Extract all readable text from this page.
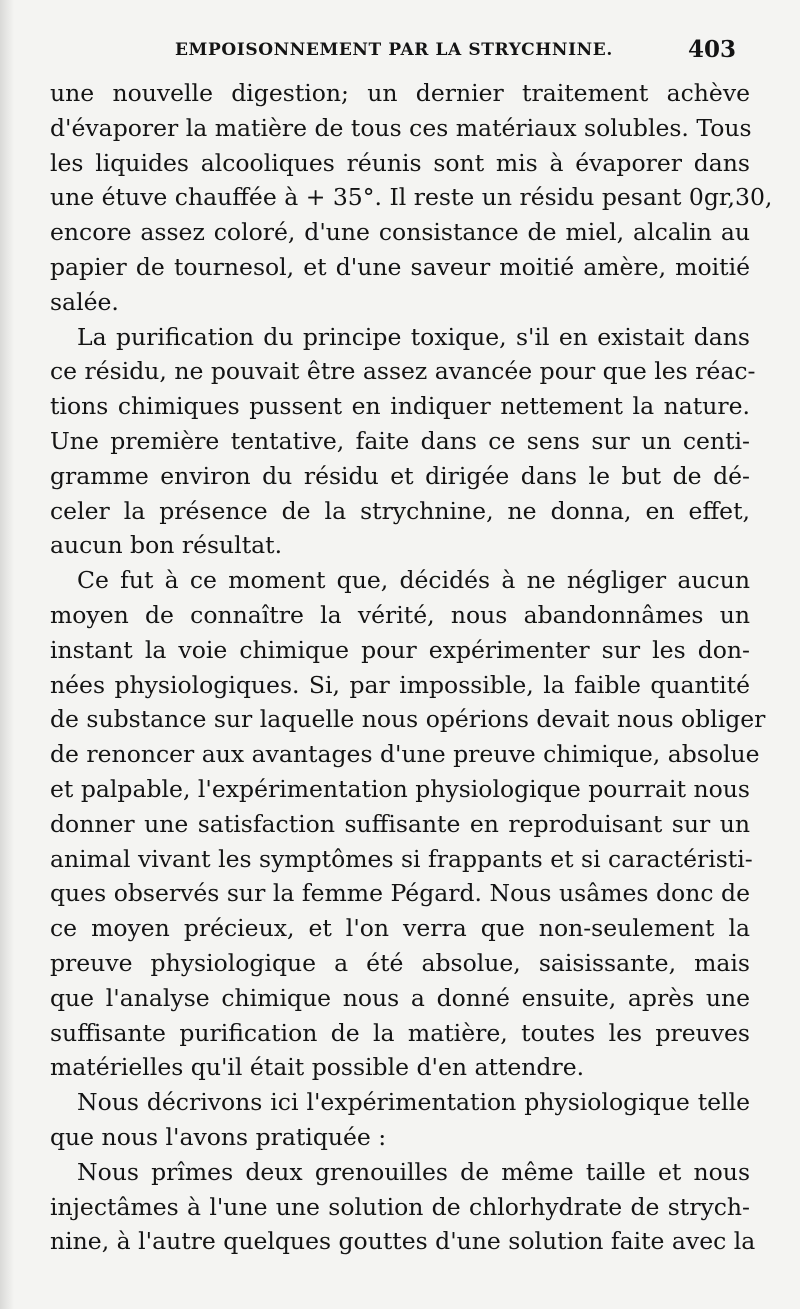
EMPOISONNEMENT PAR LA STRYCHNINE.	403
une nouvelle digestion; un dernier traitement achève
d'évaporer la matière de tous ces matériaux solubles. Tous
les liquides alcooliques réunis sont mis à évaporer dans
une étuve chauffée à + 35°. Il reste un résidu pesant 0gr,30,
encore assez coloré, d'une consistance de miel, alcalin au
papier de tournesol, et d'une saveur moitié amère, moitié
salée.
La purification du principe toxique, s'il en existait dans
ce résidu, ne pouvait être assez avancée pour que les réac-
tions chimiques pussent en indiquer nettement la nature.
Une première tentative, faite dans ce sens sur un centi-
gramme environ du résidu et dirigée dans le but de dé-
celer la présence de la strychnine, ne donna, en effet,
aucun bon résultat.
Ce fut à ce moment que, décidés à ne négliger aucun
moyen de connaître la vérité, nous abandonnâmes un
instant la voie chimique pour expérimenter sur les don-
nées physiologiques. Si, par impossible, la faible quantité
de substance sur laquelle nous opérions devait nous obliger
de renoncer aux avantages d'une preuve chimique, absolue
et palpable, l'expérimentation physiologique pourrait nous
donner une satisfaction suffisante en reproduisant sur un
animal vivant les symptômes si frappants et si caractéristi-
ques observés sur la femme Pégard. Nous usâmes donc de
ce moyen précieux, et l'on verra que non-seulement la
preuve physiologique a été absolue, saisissante, mais
que l'analyse chimique nous a donné ensuite, après une
suffisante purification de la matière, toutes les preuves
matérielles qu'il était possible d'en attendre.
Nous décrivons ici l'expérimentation physiologique telle
que nous l'avons pratiquée :
Nous prîmes deux grenouilles de même taille et nous
injectâmes à l'une une solution de chlorhydrate de strych-
nine, à l'autre quelques gouttes d'une solution faite avec la
